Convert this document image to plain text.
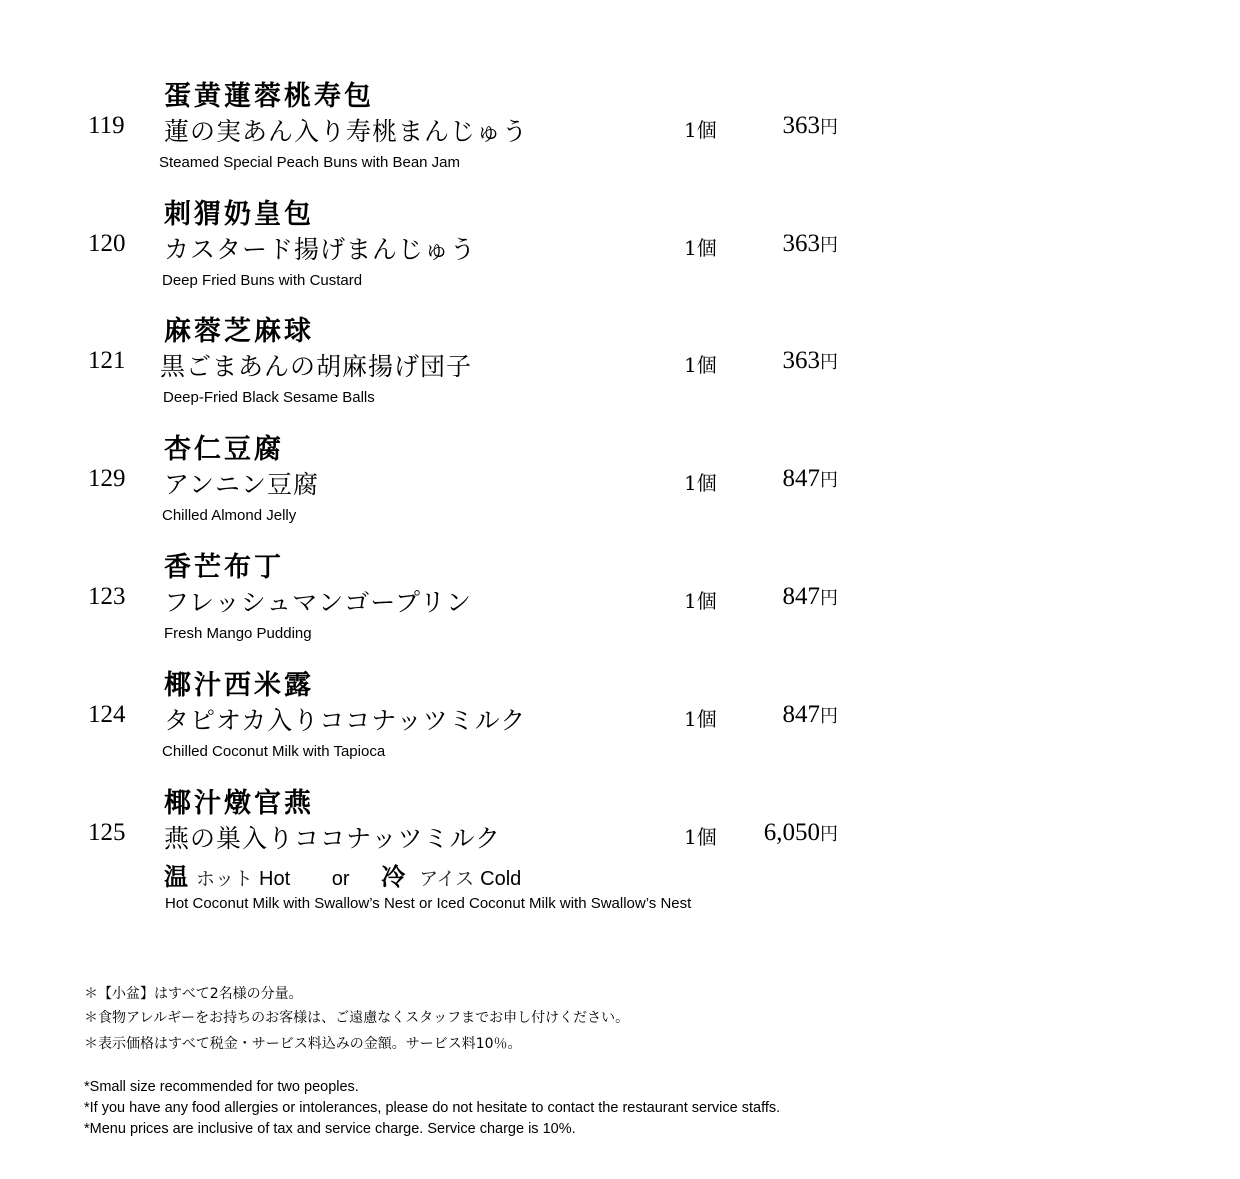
蛋黄蓮蓉桃寿包
119 蓮の実あん入り寿桃まんじゅう	1個	363円
Steamed Special Peach Buns with Bean Jam
刺猬奶皇包
120 カスタード揚げまんじゅう	1個	363円
Deep Fried Buns with Custard
麻蓉芝麻球
121 黒ごまあんの胡麻揚げ団子	1個	363円
Deep-Fried Black Sesame Balls
杏仁豆腐
129 アンニン豆腐	1個	847円
Chilled Almond Jelly
香芒布丁
123 フレッシュマンゴープリン	1個	847円
Fresh Mango Pudding
椰汁西米露
124 タピオカ入りココナッツミルク	1個	847円
Chilled Coconut Milk with Tapioca
椰汁燉官燕
125 燕の巣入りココナッツミルク	1個 6,050円
温 ホット Hot or 冷 アイス Cold
Hot Coconut Milk with Swallow’s Nest or Iced Coconut Milk with Swallow’s Nest
＊【小盆】はすべて2名様の分量。
＊食物アレルギーをお持ちのお客様は、ご遠慮なくスタッフまでお申し付けください。
＊表示価格はすべて税金・サービス料込みの金額。サービス料10％。
*Small size recommended for two peoples.
*If you have any food allergies or intolerances, please do not hesitate to contact the restaurant service staffs.
*Menu prices are inclusive of tax and service charge. Service charge is 10%.
